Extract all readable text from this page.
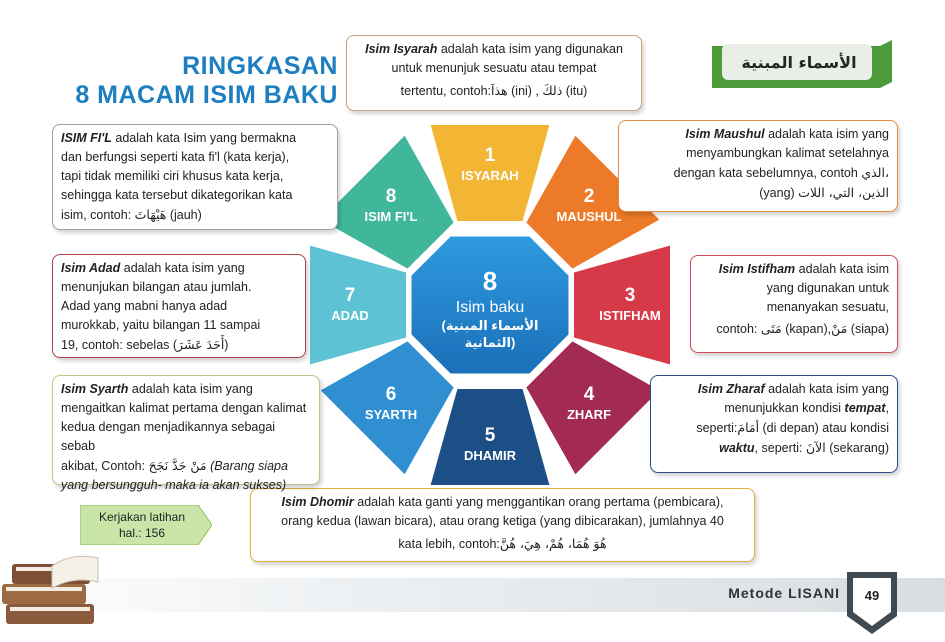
RINGKASAN
8 MACAM ISIM BAKU
الأسماء المبنية
1
ISYARAH
2
MAUSHUL
3
ISTIFHAM
4
ZHARF
5
DHAMIR
6
SYARTH
7
ADAD
8
ISIM FI'L
8
Isim baku
(الأسماء المبنية
الثمانية)
Isim Isyarah adalah kata isim yang digunakan
untuk menunjuk sesuatu atau tempat
tertentu, contoh:هذاَ (ini) , ذلكَ (itu)
Isim Maushul adalah kata isim yang
menyambungkan kalimat setelahnya
dengan kata sebelumnya, contoh الذي،
(yang) الذين، التي، اللات
Isim Istifham adalah kata isim
yang digunakan untuk
menanyakan sesuatu,
contoh: مَتَى (kapan),مَنْ (siapa)
Isim Zharaf adalah kata isim yang
menunjukkan kondisi tempat,
seperti:أمَامَ (di depan) atau kondisi
waktu, seperti: الآنَ (sekarang)
Isim Dhomir adalah kata ganti yang menggantikan orang pertama (pembicara),
orang kedua (lawan bicara), atau orang ketiga (yang dibicarakan), jumlahnya 40
kata lebih, contoh:هُوَ هُمَا، هُمْ، هِيَ، هُنَّ
Isim Syarth adalah kata isim yang
mengaitkan kalimat pertama dengan kalimat
kedua dengan menjadikannya sebagai sebab
akibat, Contoh: مَنْ جَدَّ نَجَحَ (Barang siapa
yang bersungguh- maka ia akan sukses)
Isim Adad adalah kata isim yang
menunjukan bilangan atau jumlah.
Adad yang mabni hanya adad
murokkab, yaitu bilangan 11 sampai
19, contoh: sebelas (أَحَدَ عَشَرَ)
ISIM FI'L adalah kata Isim yang bermakna
dan berfungsi seperti kata fi'l (kata kerja),
tapi tidak memiliki ciri khusus kata kerja,
sehingga kata tersebut dikategorikan kata
isim, contoh: هَيْهَاتَ (jauh)
Kerjakan latihan
hal.: 156
Metode LISANI 49
